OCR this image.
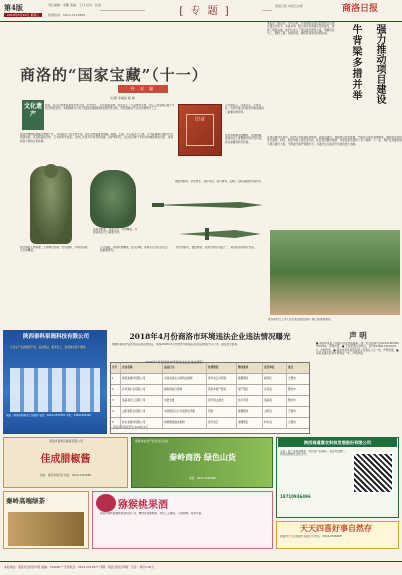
第4版
2018年5月16日 星期三
责任编辑：李鹏 美编：王丹 校对：张丽
新闻热线：0914-2313899	[ 专 题 ]	商洛日报 每周五出版	商洛日报
商洛的“国家宝藏”（十一）
朴 水 磊
文/图 李福信 程 峰
文化遗产
商洛，自古以来便是秦楚交界之地，历史悠久，文化底蕴深厚。这里出土了大量珍贵文物，见证了商洛地区数千年的文明发展史。本期继续为大家介绍商洛馆藏的国家级珍贵文物，带您领略古代先民的智慧与工艺。
印章
汉代铜印章，印面方正，字体古朴，为研究秦汉时期官印制度提供了重要实物资料。
商洛市博物馆现藏文物数千件，其中国家一级文物多件。这些文物涵盖青铜器、陶器、玉器、印章等多个门类，年代跨越新石器时代至明清时期，具有极高的历史、艺术和科学价值。文物工作者多年来坚持发掘、保护和研究，让这些沉睡千年的文物重新焕发光彩，讲述商洛大地的古老故事。
这件青铜器造型精美，纹饰细腻，是商洛出土青铜器中的代表作品，具有重要的研究价值。
西周青铜壶，造型古朴，纹饰精美，为商洛地区出土重要文物。
战国青铜剑，剑身修长，保存完好，锋刃犀利，反映了当时高超的铸造技术。
明代铜质人物造像，人物神态庄重，衣纹流畅，为明代造像艺术的精品。
汉代铜镜，镜背纹饰精美，铭文清晰，是研究汉代社会生活的重要资料。
商代青铜戈，器型规整，是商代典型兵器之一，具有较高的研究价值。
本报讯（通讯员）今年以来，牛背梁国家级自然保护区以项目建设为抓手，多措并举，强力推动各项重点项目建设，取得了明显成效。保护区成立了项目建设领导小组，明确责任分工，倒排工期，挂图作战，确保各项项目按期完成。	牛背梁多措并举	强力推动项目建设
在项目推进过程中，保护区坚持高标准规划、高质量建设，加强项目资金管理，严格执行项目管理制度，确保资金使用安全高效。同时，积极争取上级资金支持，拓宽项目融资渠道，为项目建设提供了有力保障。下一步，保护区将继续加大项目建设力度，不断提升保护管理水平，为建设生态商洛作出新的更大贡献。
图为保护区工作人员在项目建设现场了解工程进展情况。
陕西泰科泵阀科技有限公司
专业生产各类泵阀产品，品质保证，服务至上，欢迎新老客户惠顾。
地址：商洛市商州区工业园区 电话：0914-2337561 手机：13991455326
2018年4月份商洛市环境违法企业违法情况曝光
根据环境保护法及相关法律法规规定，现将2018年4月份我市环境违法企业违法情况予以公布，接受社会监督。
序号	企业名称	违法行为	处理情况	整改要求	责任单位	备注
1	商洛某建材有限公司	未落实扬尘污染防治措施	责令改正并罚款	限期整改	商州区	已整改
2	丹凤某矿业有限公司	超标排放污染物	罚款并停产整治	停产整治	丹凤县	整改中
3	洛南某化工有限公司	未批先建	责令停止建设	补办手续	洛南县	整改中
4	山阳某钒业有限公司	未按规定运行污染防治设施	罚款	限期整改	山阳县	已整改
5	柞水某建材有限公司	违规堆放固体废物	责令改正	清理整治	柞水县	已整改
商洛市环境保护局 2018年5月
2018年4月份商洛市环境违法企业违法情况
声 明
■ 商洛市某某公司遗失营业执照副本，统一社会信用代码91611002MA70XXXX，声明作废。■ 王某某遗失身份证，证号612501XXXXXXXX，声明作废。■ 商洛市某某商贸有限公司遗失公章一枚，声明作废。■ 李某某遗失机动车驾驶证一本，声明作废。
商洛市商州区腊鱼有限公司
佳成腊椒酱
地址：商洛市商州区 电话：0914-2321888
商洛市农业产业化龙头企业
秦岭商洛 绿色山货
电话：0914-2382666
陕西商道富农科技发展股份有限公司
主营：农产品电商服务、特色农产品销售、农业技术推广。欢迎各界朋友洽谈合作。
18710936496
秦岭高端绿茶	猕猴桃果酒
商洛市秦岭猕猴桃果酒有限公司，精选优质猕猴桃，传统工艺酿造，口感醇厚，营养丰富。
天天四喜好事自然存
商洛市天天四喜商贸有限公司 电话：0914-2336688
本报地址：商洛市北新街中段 邮编：726000 广告部电话：0914-2313877 印刷：商洛日报社印刷厂 定价：每份1.00元
